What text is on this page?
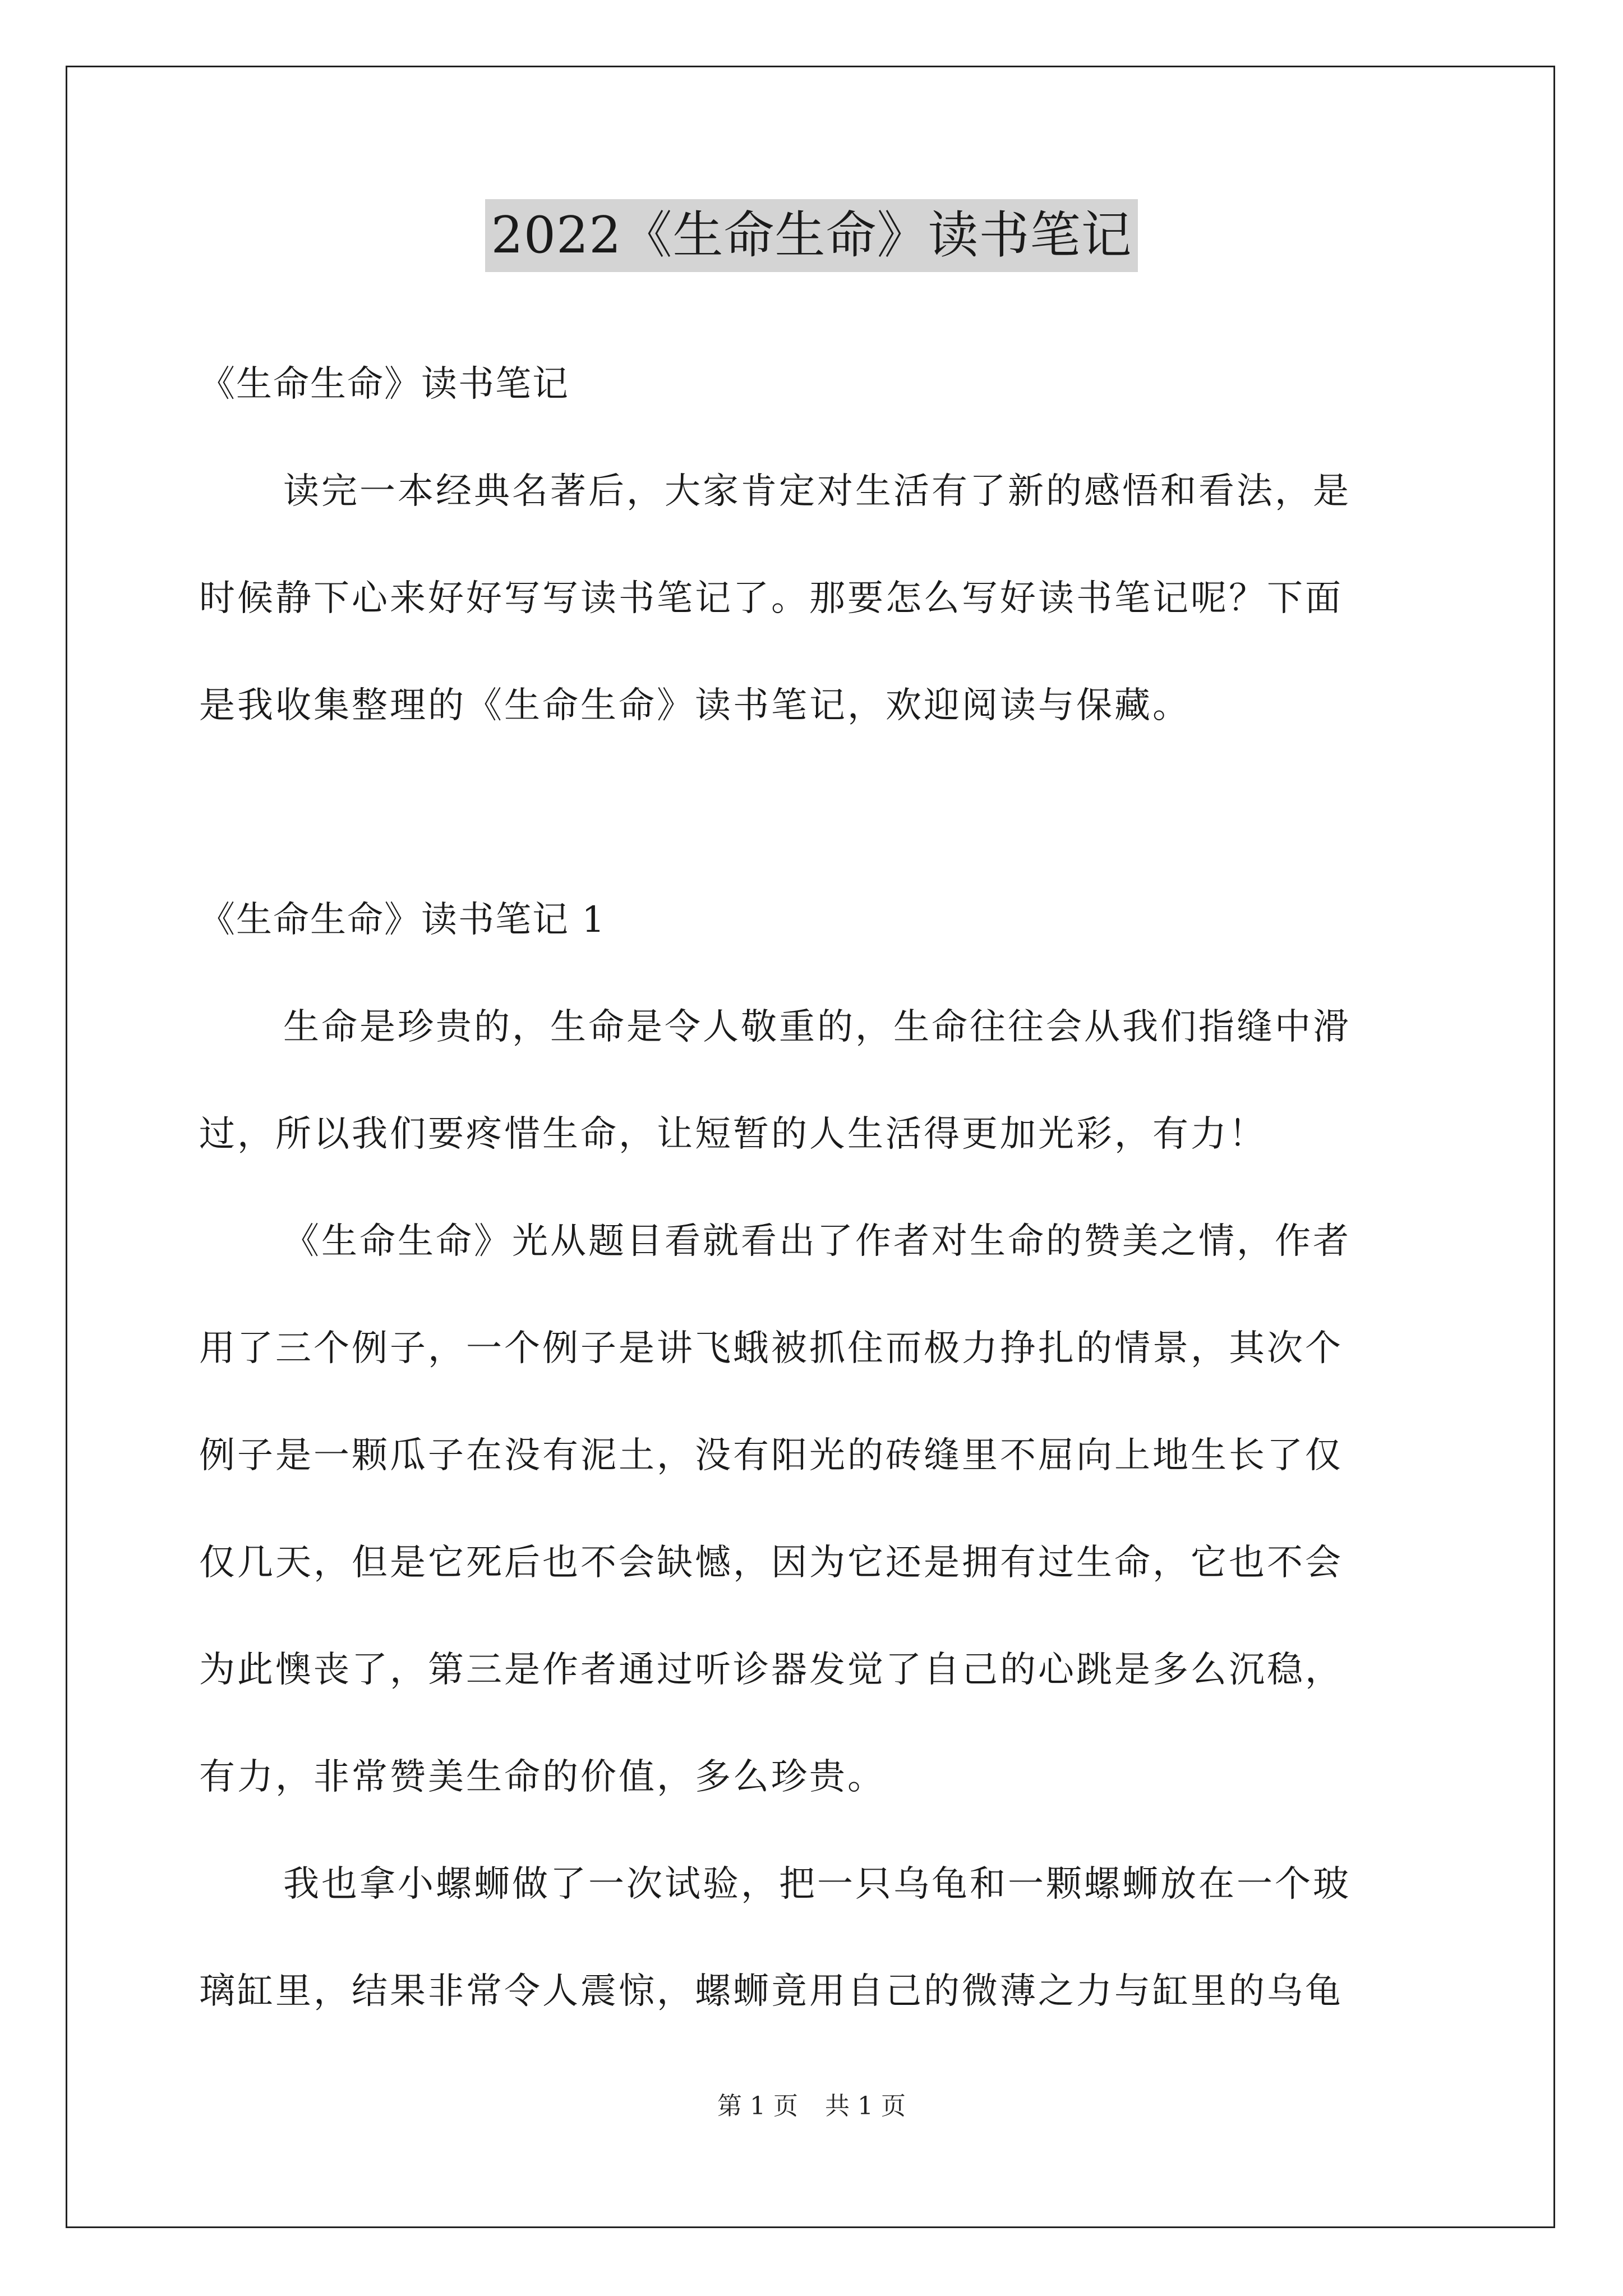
2022《生命生命》读书笔记
《生命生命》读书笔记
读完一本经典名著后，大家肯定对生活有了新的感悟和看法，是
时候静下心来好好写写读书笔记了。那要怎么写好读书笔记呢？下面
是我收集整理的《生命生命》读书笔记，欢迎阅读与保藏。
《生命生命》读书笔记 1
生命是珍贵的，生命是令人敬重的，生命往往会从我们指缝中滑
过，所以我们要疼惜生命，让短暂的人生活得更加光彩，有力！
《生命生命》光从题目看就看出了作者对生命的赞美之情，作者
用了三个例子，一个例子是讲飞蛾被抓住而极力挣扎的情景，其次个
例子是一颗瓜子在没有泥土，没有阳光的砖缝里不屈向上地生长了仅
仅几天，但是它死后也不会缺憾，因为它还是拥有过生命，它也不会
为此懊丧了，第三是作者通过听诊器发觉了自己的心跳是多么沉稳，
有力，非常赞美生命的价值，多么珍贵。
我也拿小螺蛳做了一次试验，把一只乌龟和一颗螺蛳放在一个玻
璃缸里，结果非常令人震惊，螺蛳竟用自己的微薄之力与缸里的乌龟
第 1 页 共 1 页
